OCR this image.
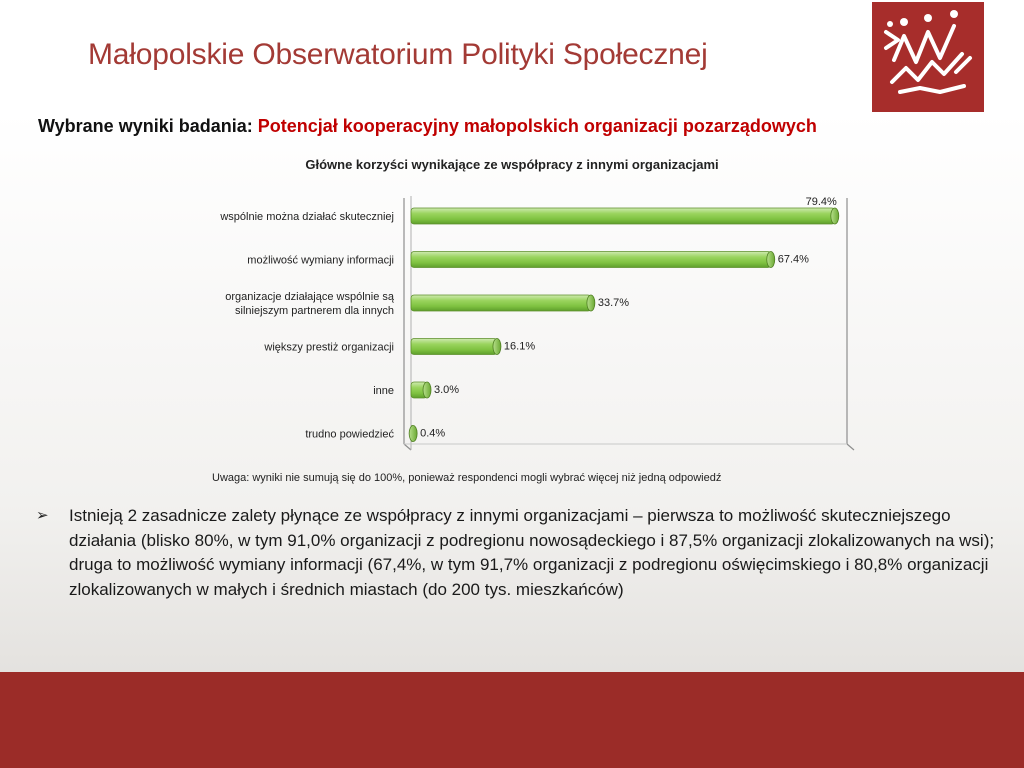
Małopolskie Obserwatorium Polityki Społecznej
Wybrane wyniki badania: Potencjał kooperacyjny małopolskich organizacji pozarządowych
Główne korzyści wynikające ze współpracy z innymi organizacjami
79.4%
wspólnie można działać skuteczniej
67.4%
możliwość wymiany informacji
33.7%
organizacje działające wspólnie są
silniejszym partnerem dla innych
16.1%
większy prestiż organizacji
3.0%
inne
0.4%
trudno powiedzieć
Uwaga: wyniki nie sumują się do 100%, ponieważ respondenci mogli wybrać więcej niż jedną odpowiedź
➢ Istnieją 2 zasadnicze zalety płynące ze współpracy z innymi organizacjami – pierwsza to możliwość skuteczniejszego działania (blisko 80%, w tym 91,0% organizacji z podregionu nowosądeckiego i 87,5% organizacji zlokalizowanych na wsi); druga to możliwość wymiany informacji (67,4%, w tym 91,7% organizacji z podregionu oświęcimskiego i 80,8% organizacji zlokalizowanych w małych i średnich miastach (do 200 tys. mieszkańców)
